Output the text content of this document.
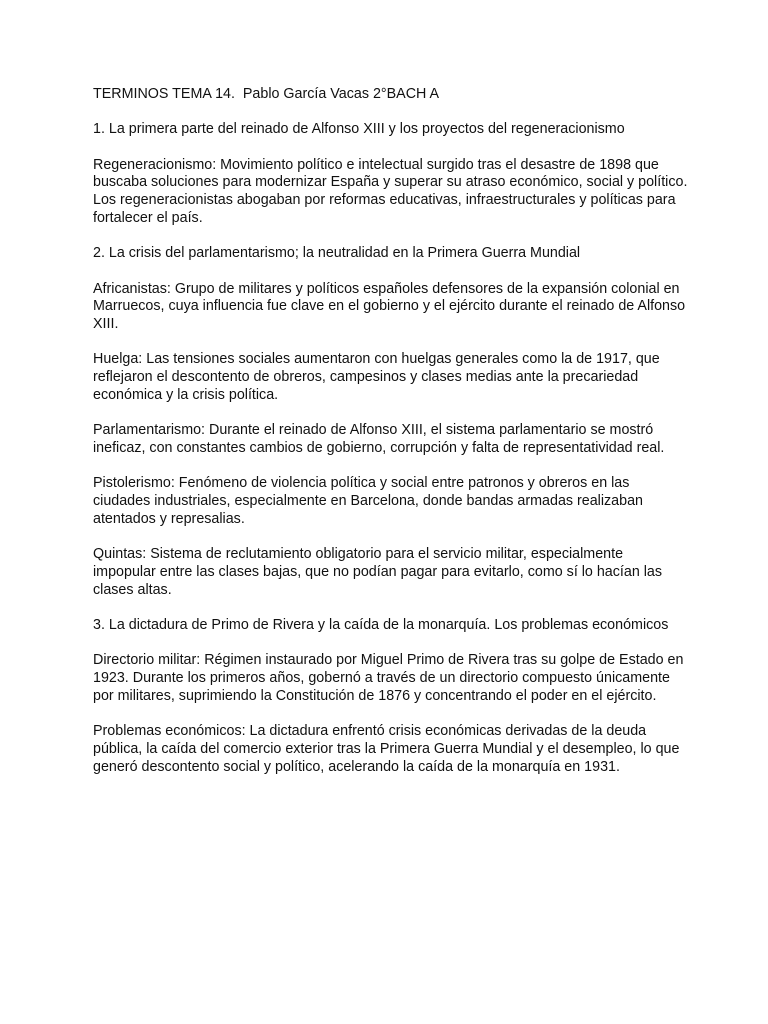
TERMINOS TEMA 14.  Pablo García Vacas 2°BACH A
1. La primera parte del reinado de Alfonso XIII y los proyectos del regeneracionismo
Regeneracionismo: Movimiento político e intelectual surgido tras el desastre de 1898 que buscaba soluciones para modernizar España y superar su atraso económico, social y político. Los regeneracionistas abogaban por reformas educativas, infraestructurales y políticas para fortalecer el país.
2. La crisis del parlamentarismo; la neutralidad en la Primera Guerra Mundial
Africanistas: Grupo de militares y políticos españoles defensores de la expansión colonial en Marruecos, cuya influencia fue clave en el gobierno y el ejército durante el reinado de Alfonso XIII.
Huelga: Las tensiones sociales aumentaron con huelgas generales como la de 1917, que reflejaron el descontento de obreros, campesinos y clases medias ante la precariedad económica y la crisis política.
Parlamentarismo: Durante el reinado de Alfonso XIII, el sistema parlamentario se mostró ineficaz, con constantes cambios de gobierno, corrupción y falta de representatividad real.
Pistolerismo: Fenómeno de violencia política y social entre patronos y obreros en las ciudades industriales, especialmente en Barcelona, donde bandas armadas realizaban atentados y represalias.
Quintas: Sistema de reclutamiento obligatorio para el servicio militar, especialmente impopular entre las clases bajas, que no podían pagar para evitarlo, como sí lo hacían las clases altas.
3. La dictadura de Primo de Rivera y la caída de la monarquía. Los problemas económicos
Directorio militar: Régimen instaurado por Miguel Primo de Rivera tras su golpe de Estado en 1923. Durante los primeros años, gobernó a través de un directorio compuesto únicamente por militares, suprimiendo la Constitución de 1876 y concentrando el poder en el ejército.
Problemas económicos: La dictadura enfrentó crisis económicas derivadas de la deuda pública, la caída del comercio exterior tras la Primera Guerra Mundial y el desempleo, lo que generó descontento social y político, acelerando la caída de la monarquía en 1931.
